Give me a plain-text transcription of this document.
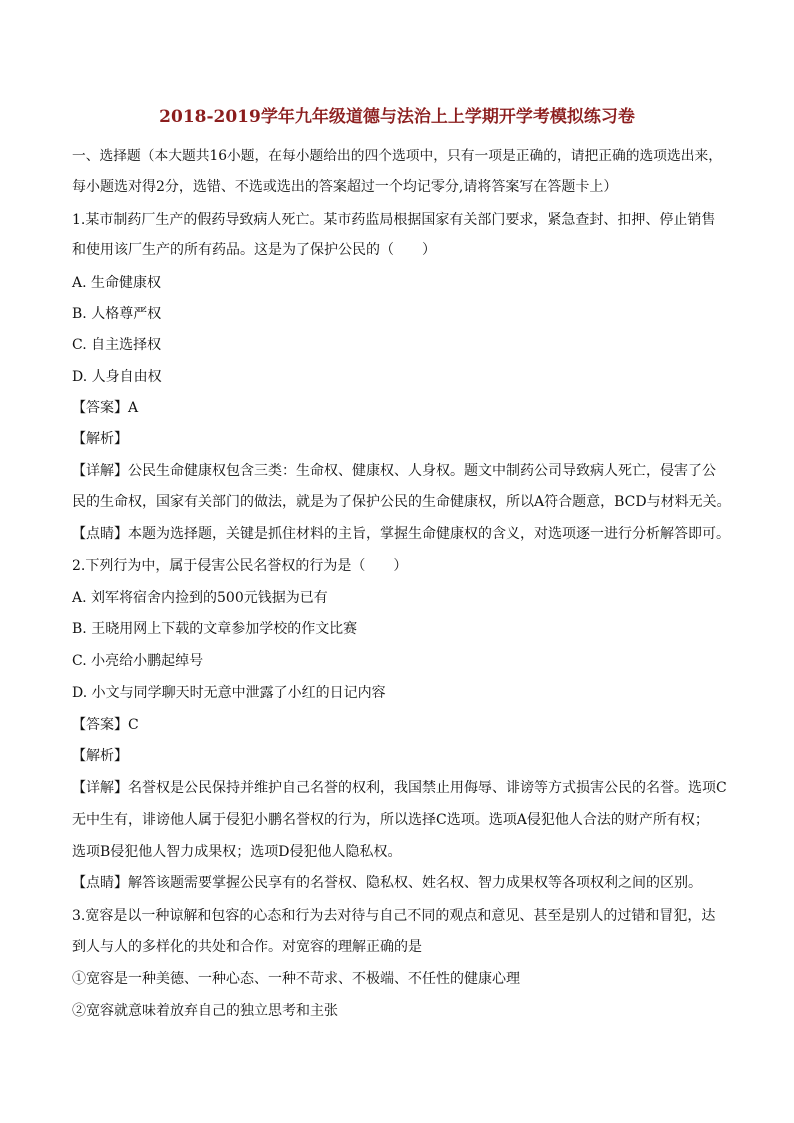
2018-2019学年九年级道德与法治上上学期开学考模拟练习卷
一、选择题（本大题共16小题，在每小题给出的四个选项中，只有一项是正确的，请把正确的选项选出来，
每小题选对得2分，选错、不选或选出的答案超过一个均记零分,请将答案写在答题卡上）
1.某市制药厂生产的假药导致病人死亡。某市药监局根据国家有关部门要求，紧急查封、扣押、停止销售
和使用该厂生产的所有药品。这是为了保护公民的（　　）
A. 生命健康权
B. 人格尊严权
C. 自主选择权
D. 人身自由权
【答案】A
【解析】
【详解】公民生命健康权包含三类：生命权、健康权、人身权。题文中制药公司导致病人死亡，侵害了公
民的生命权，国家有关部门的做法，就是为了保护公民的生命健康权，所以A符合题意，BCD与材料无关。
【点睛】本题为选择题，关键是抓住材料的主旨，掌握生命健康权的含义，对选项逐一进行分析解答即可。
2.下列行为中，属于侵害公民名誉权的行为是（　　）
A. 刘军将宿舍内捡到的500元钱据为已有
B. 王晓用网上下载的文章参加学校的作文比赛
C. 小亮给小鹏起绰号
D. 小文与同学聊天时无意中泄露了小红的日记内容
【答案】C
【解析】
【详解】名誉权是公民保持并维护自己名誉的权利，我国禁止用侮辱、诽谤等方式损害公民的名誉。选项C
无中生有，诽谤他人属于侵犯小鹏名誉权的行为，所以选择C选项。选项A侵犯他人合法的财产所有权；
选项B侵犯他人智力成果权；选项D侵犯他人隐私权。
【点睛】解答该题需要掌握公民享有的名誉权、隐私权、姓名权、智力成果权等各项权利之间的区别。
3.宽容是以一种谅解和包容的心态和行为去对待与自己不同的观点和意见、甚至是别人的过错和冒犯，达
到人与人的多样化的共处和合作。对宽容的理解正确的是
①宽容是一种美德、一种心态、一种不苛求、不极端、不任性的健康心理
②宽容就意味着放弃自己的独立思考和主张
